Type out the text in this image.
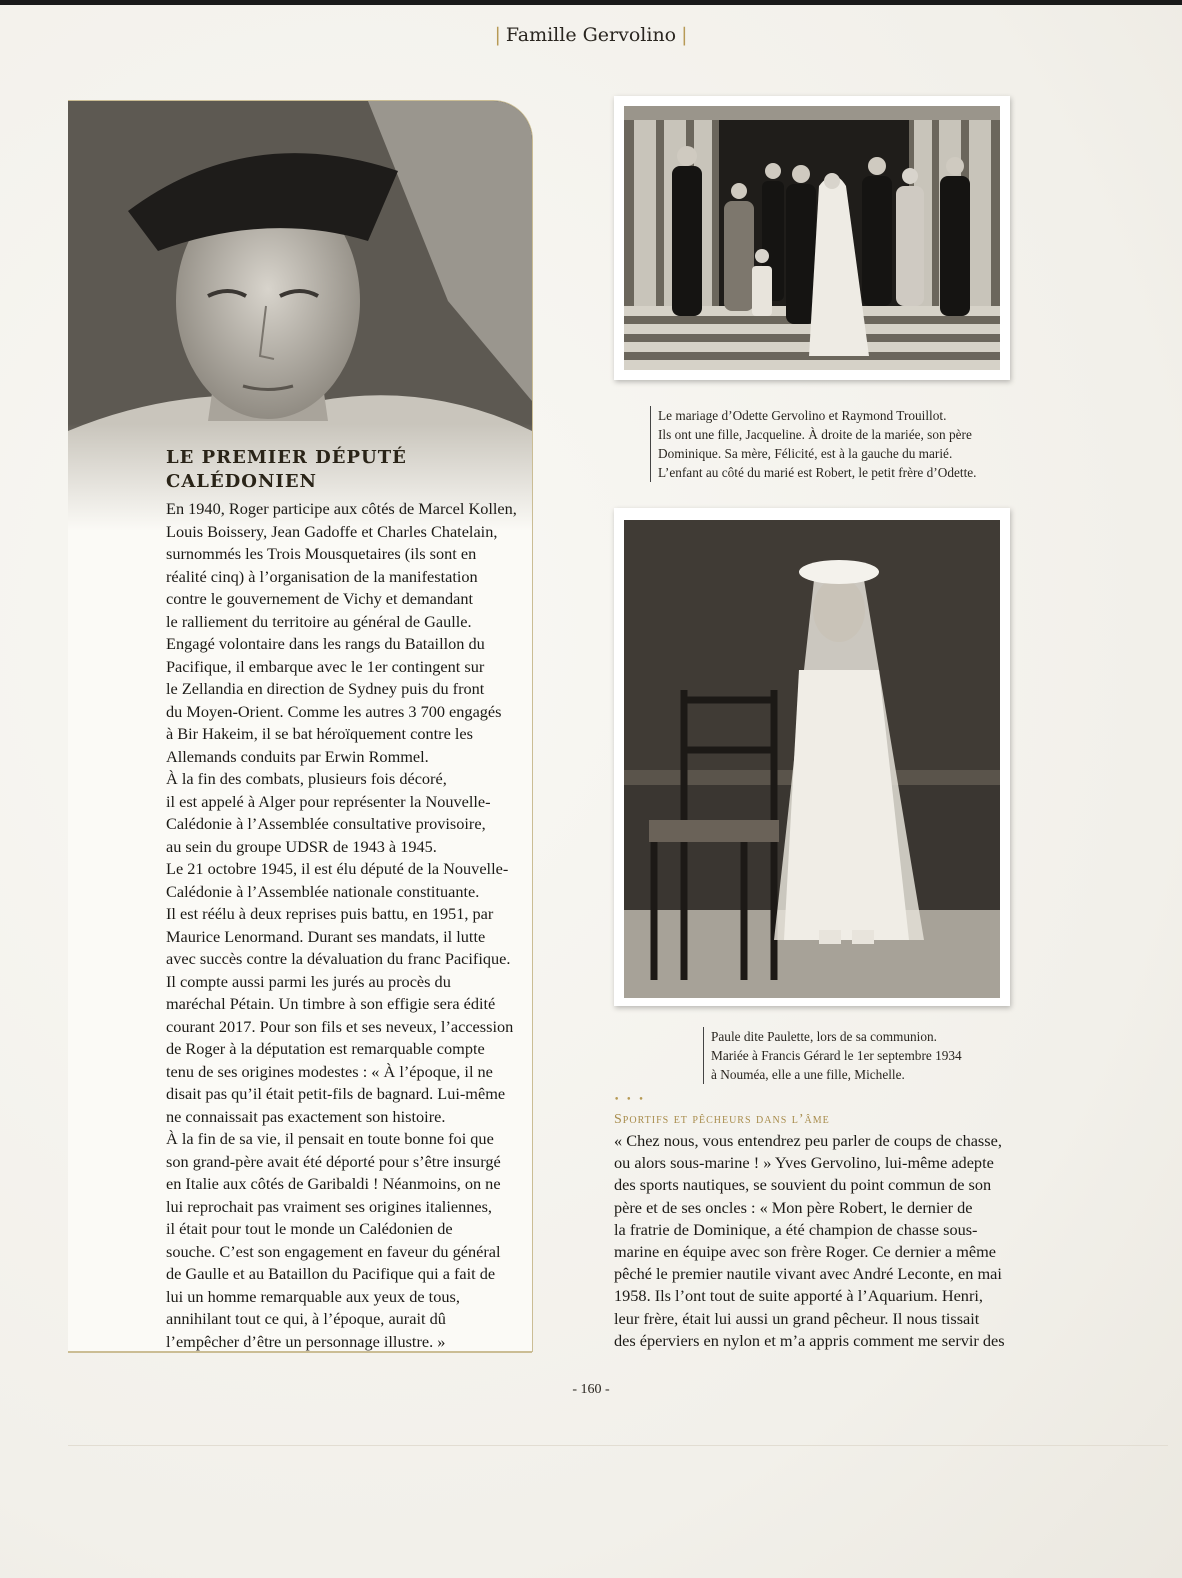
| Famille Gervolino |
LE PREMIER DÉPUTÉ
CALÉDONIEN
En 1940, Roger participe aux côtés de Marcel Kollen,
Louis Boissery, Jean Gadoffe et Charles Chatelain,
surnommés les Trois Mousquetaires (ils sont en
réalité cinq) à l’organisation de la manifestation
contre le gouvernement de Vichy et demandant
le ralliement du territoire au général de Gaulle.
Engagé volontaire dans les rangs du Bataillon du
Pacifique, il embarque avec le 1er contingent sur
le Zellandia en direction de Sydney puis du front
du Moyen-Orient. Comme les autres 3 700 engagés
à Bir Hakeim, il se bat héroïquement contre les
Allemands conduits par Erwin Rommel.
À la fin des combats, plusieurs fois décoré,
il est appelé à Alger pour représenter la Nouvelle-
Calédonie à l’Assemblée consultative provisoire,
au sein du groupe UDSR de 1943 à 1945.
Le 21 octobre 1945, il est élu député de la Nouvelle-
Calédonie à l’Assemblée nationale constituante.
Il est réélu à deux reprises puis battu, en 1951, par
Maurice Lenormand. Durant ses mandats, il lutte
avec succès contre la dévaluation du franc Pacifique.
Il compte aussi parmi les jurés au procès du
maréchal Pétain. Un timbre à son effigie sera édité
courant 2017. Pour son fils et ses neveux, l’accession
de Roger à la députation est remarquable compte
tenu de ses origines modestes : « À l’époque, il ne
disait pas qu’il était petit-fils de bagnard. Lui-même
ne connaissait pas exactement son histoire.
À la fin de sa vie, il pensait en toute bonne foi que
son grand-père avait été déporté pour s’être insurgé
en Italie aux côtés de Garibaldi ! Néanmoins, on ne
lui reprochait pas vraiment ses origines italiennes,
il était pour tout le monde un Calédonien de
souche. C’est son engagement en faveur du général
de Gaulle et au Bataillon du Pacifique qui a fait de
lui un homme remarquable aux yeux de tous,
annihilant tout ce qui, à l’époque, aurait dû
l’empêcher d’être un personnage illustre. »
Le mariage d’Odette Gervolino et Raymond Trouillot.
Ils ont une fille, Jacqueline. À droite de la mariée, son père
Dominique. Sa mère, Félicité, est à la gauche du marié.
L’enfant au côté du marié est Robert, le petit frère d’Odette.
Paule dite Paulette, lors de sa communion.
Mariée à Francis Gérard le 1er septembre 1934
à Nouméa, elle a une fille, Michelle.
• • •
Sportifs et pêcheurs dans l’âme
« Chez nous, vous entendrez peu parler de coups de chasse,
ou alors sous-marine ! » Yves Gervolino, lui-même adepte
des sports nautiques, se souvient du point commun de son
père et de ses oncles : « Mon père Robert, le dernier de
la fratrie de Dominique, a été champion de chasse sous-
marine en équipe avec son frère Roger. Ce dernier a même
pêché le premier nautile vivant avec André Leconte, en mai
1958. Ils l’ont tout de suite apporté à l’Aquarium. Henri,
leur frère, était lui aussi un grand pêcheur. Il nous tissait
des éperviers en nylon et m’a appris comment me servir des
- 160 -
